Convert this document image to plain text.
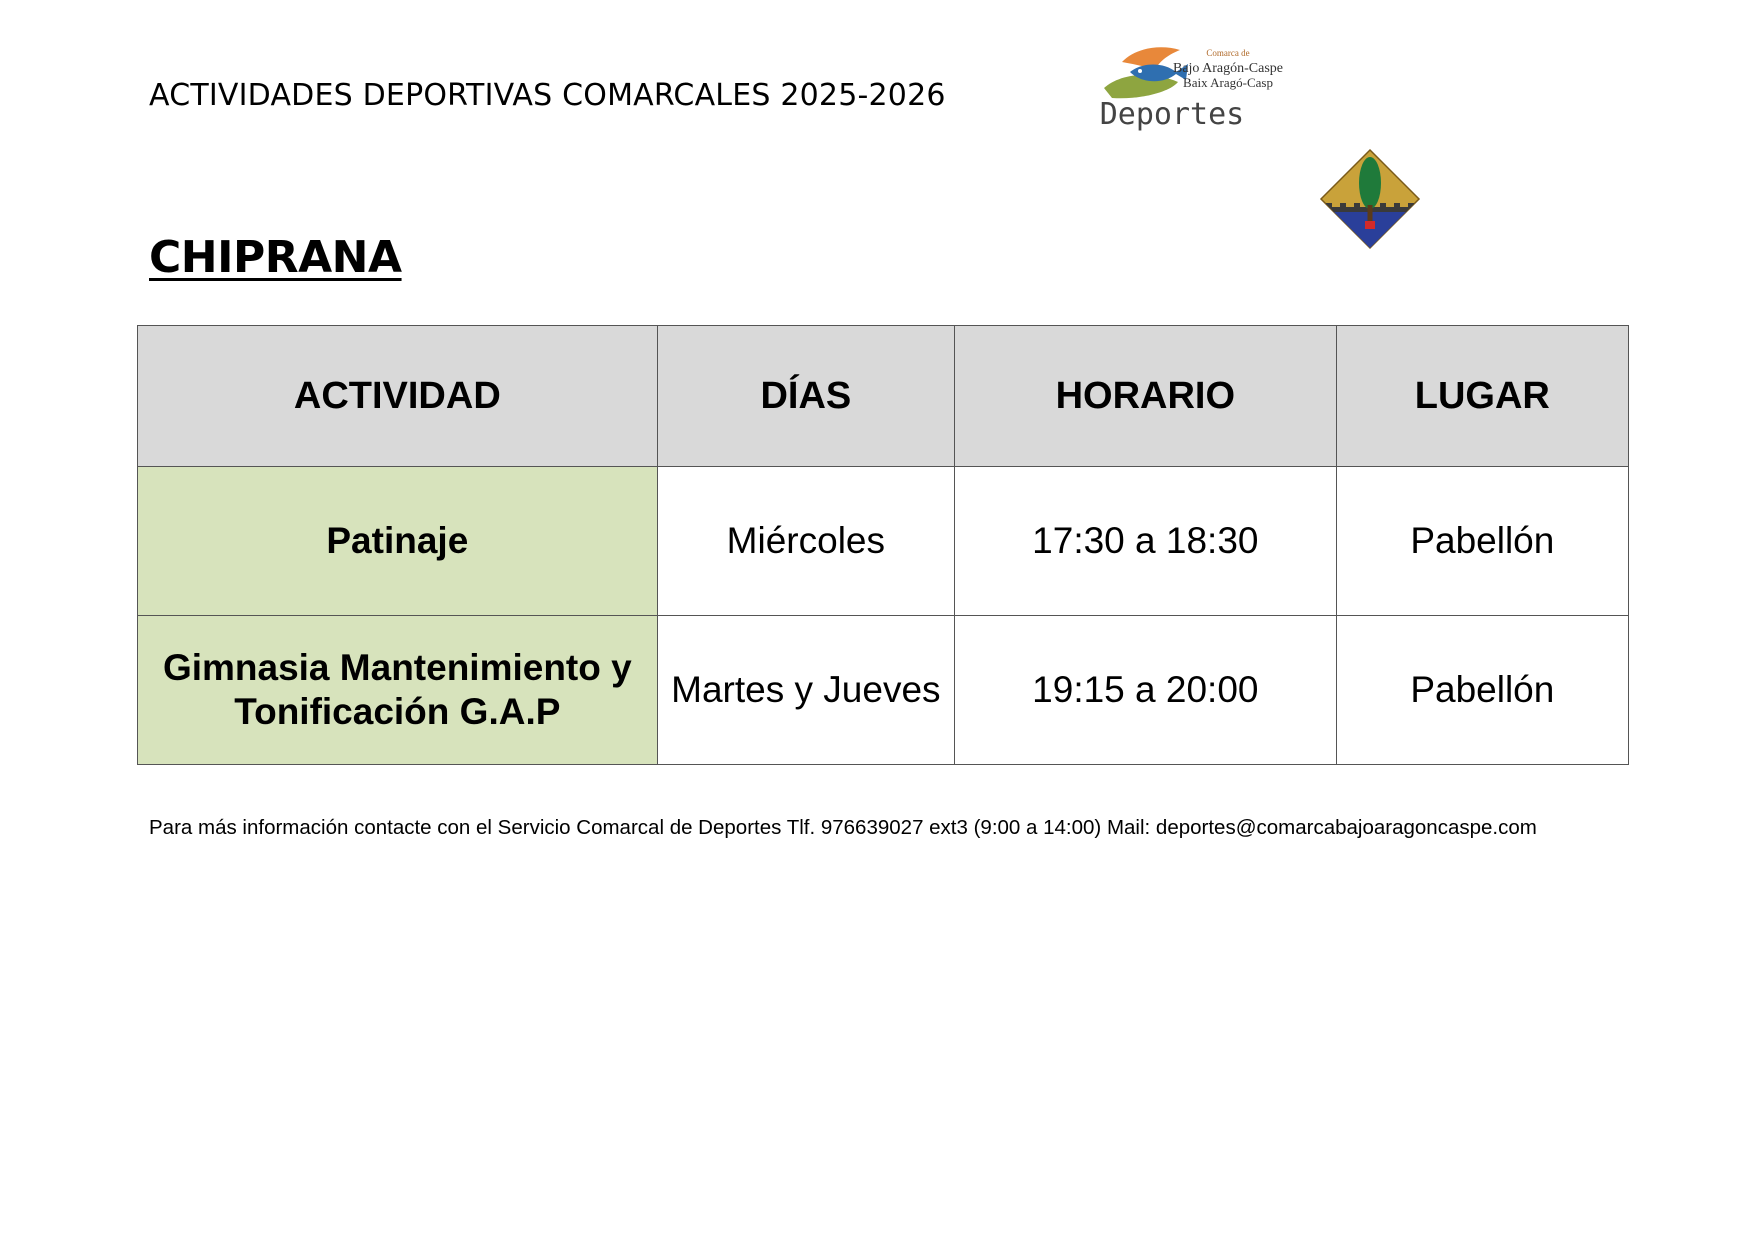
ACTIVIDADES DEPORTIVAS COMARCALES 2025-2026
Comarca de
Bajo Aragón-Caspe
Baix Aragó-Casp
Deportes
CHIPRANA
ACTIVIDAD	DÍAS	HORARIO	LUGAR
Patinaje	Miércoles	17:30 a 18:30	Pabellón

Gimnasia Mantenimiento y
Tonificación G.A.P	Martes y Jueves	19:15 a 20:00	Pabellón
Para más información contacte con el Servicio Comarcal de Deportes Tlf. 976639027 ext3 (9:00 a 14:00) Mail: deportes@comarcabajoaragoncaspe.com
